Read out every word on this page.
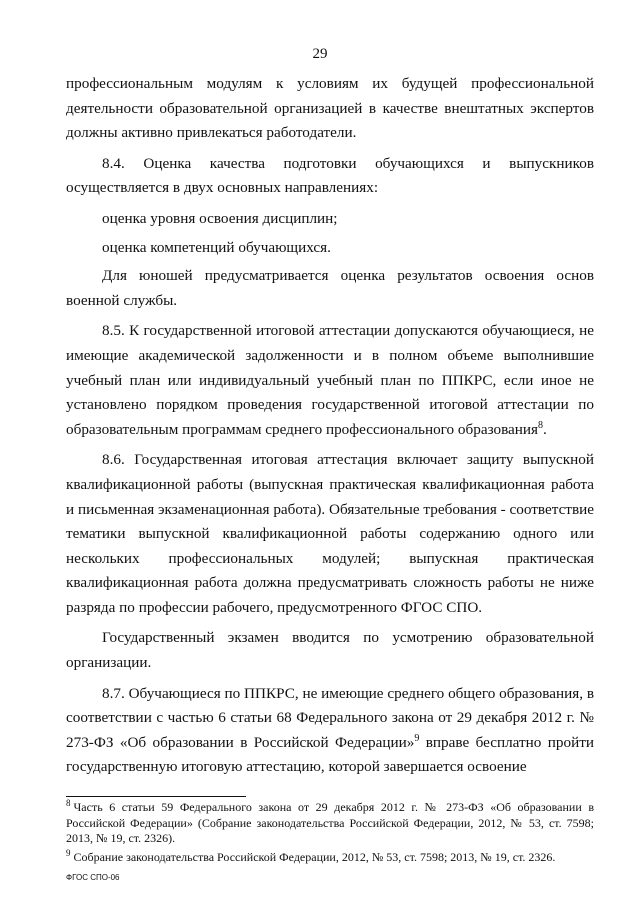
29

профессиональным модулям к условиям их будущей профессиональной деятельности образовательной организацией в качестве внештатных экспертов должны активно привлекаться работодатели.

8.4. Оценка качества подготовки обучающихся и выпускников осуществляется в двух основных направлениях:

оценка уровня освоения дисциплин;

оценка компетенций обучающихся.

Для юношей предусматривается оценка результатов освоения основ военной службы.

8.5. К государственной итоговой аттестации допускаются обучающиеся, не имеющие академической задолженности и в полном объеме выполнившие учебный план или индивидуальный учебный план по ППКРС, если иное не установлено порядком проведения государственной итоговой аттестации по образовательным программам среднего профессионального образования$^8$.

8.6. Государственная итоговая аттестация включает защиту выпускной квалификационной работы (выпускная практическая квалификационная работа и письменная экзаменационная работа). Обязательные требования - соответствие тематики выпускной квалификационной работы содержанию одного или нескольких профессиональных модулей; выпускная практическая квалификационная работа должна предусматривать сложность работы не ниже разряда по профессии рабочего, предусмотренного ФГОС СПО.

Государственный экзамен вводится по усмотрению образовательной организации.

8.7. Обучающиеся по ППКРС, не имеющие среднего общего образования, в соответствии с частью 6 статьи 68 Федерального закона от 29 декабря 2012 г. № 273-ФЗ «Об образовании в Российской Федерации»$^9$ вправе бесплатно пройти государственную итоговую аттестацию, которой завершается освоение

$^8$ Часть 6 статьи 59 Федерального закона от 29 декабря 2012 г. № 273-ФЗ «Об образовании в Российской Федерации» (Собрание законодательства Российской Федерации, 2012, № 53, ст. 7598; 2013, № 19, ст. 2326).

$^9$ Собрание законодательства Российской Федерации, 2012, № 53, ст. 7598; 2013, № 19, ст. 2326.

ФГОС СПО-06
